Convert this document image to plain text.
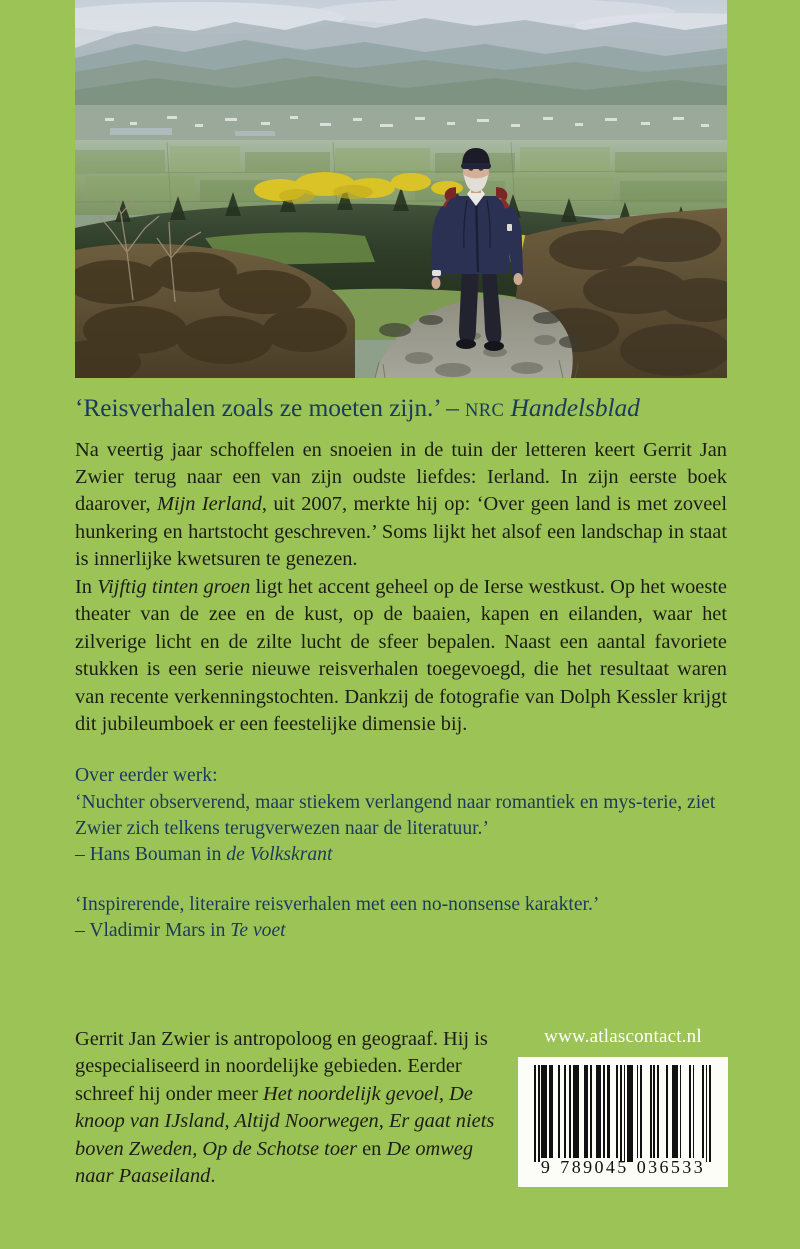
‘Reisverhalen zoals ze moeten zijn.’ – NRC Handelsblad

Na veertig jaar schoffelen en snoeien in de tuin der letteren keert Gerrit Jan Zwier terug naar een van zijn oudste liefdes: Ierland. In zijn eerste boek daarover, Mijn Ierland, uit 2007, merkte hij op: ‘Over geen land is met zoveel hunkering en hartstocht geschreven.’ Soms lijkt het alsof een landschap in staat is innerlijke kwetsuren te genezen.

In Vijftig tinten groen ligt het accent geheel op de Ierse westkust. Op het woeste theater van de zee en de kust, op de baaien, kapen en eilanden, waar het zilverige licht en de zilte lucht de sfeer bepalen. Naast een aantal favoriete stukken is een serie nieuwe reisverhalen toegevoegd, die het resultaat waren van recente verkenningstochten. Dankzij de fotografie van Dolph Kessler krijgt dit jubileumboek er een feestelijke dimensie bij.

Over eerder werk:

‘Nuchter observerend, maar stiekem verlangend naar romantiek en mys-terie, ziet Zwier zich telkens terugverwezen naar de literatuur.’

– Hans Bouman in de Volkskrant

‘Inspirerende, literaire reisverhalen met een no-nonsense karakter.’

– Vladimir Mars in Te voet

Gerrit Jan Zwier is antropoloog en geograaf. Hij is gespecialiseerd in noordelijke gebieden. Eerder schreef hij onder meer Het noordelijk gevoel, De knoop van IJsland, Altijd Noorwegen, Er gaat niets boven Zweden, Op de Schotse toer en De omweg naar Paaseiland.
www.atlascontact.nl
9 789045 036533
